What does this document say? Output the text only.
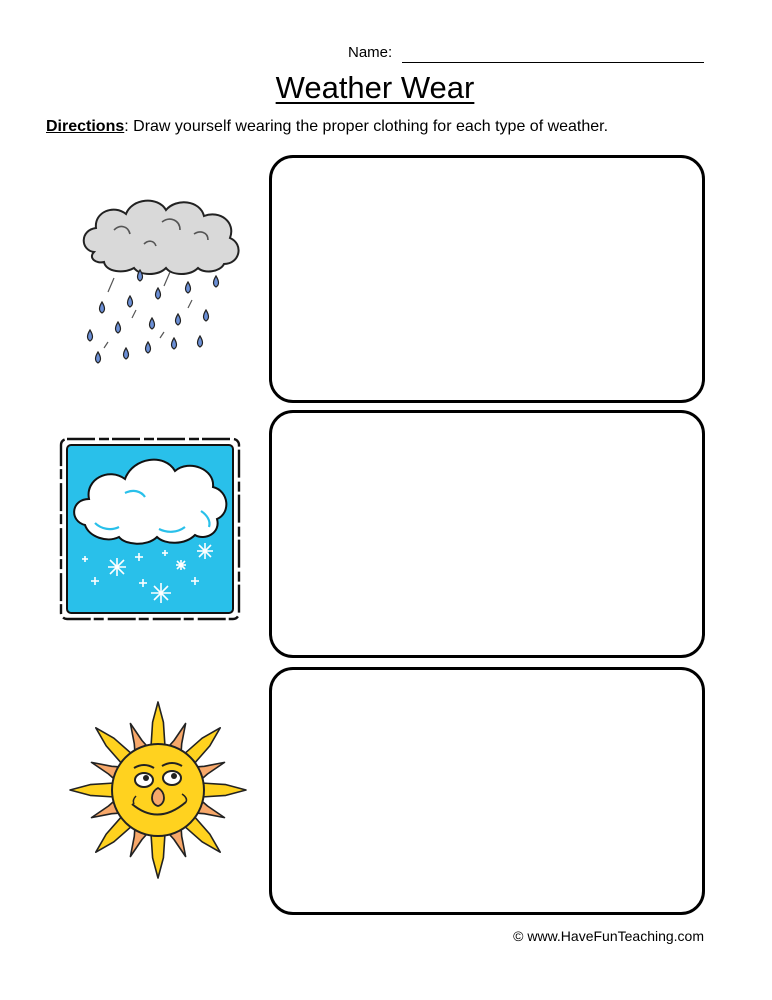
Name:
Weather Wear
Directions: Draw yourself wearing the proper clothing for each type of weather.
© www.HaveFunTeaching.com
